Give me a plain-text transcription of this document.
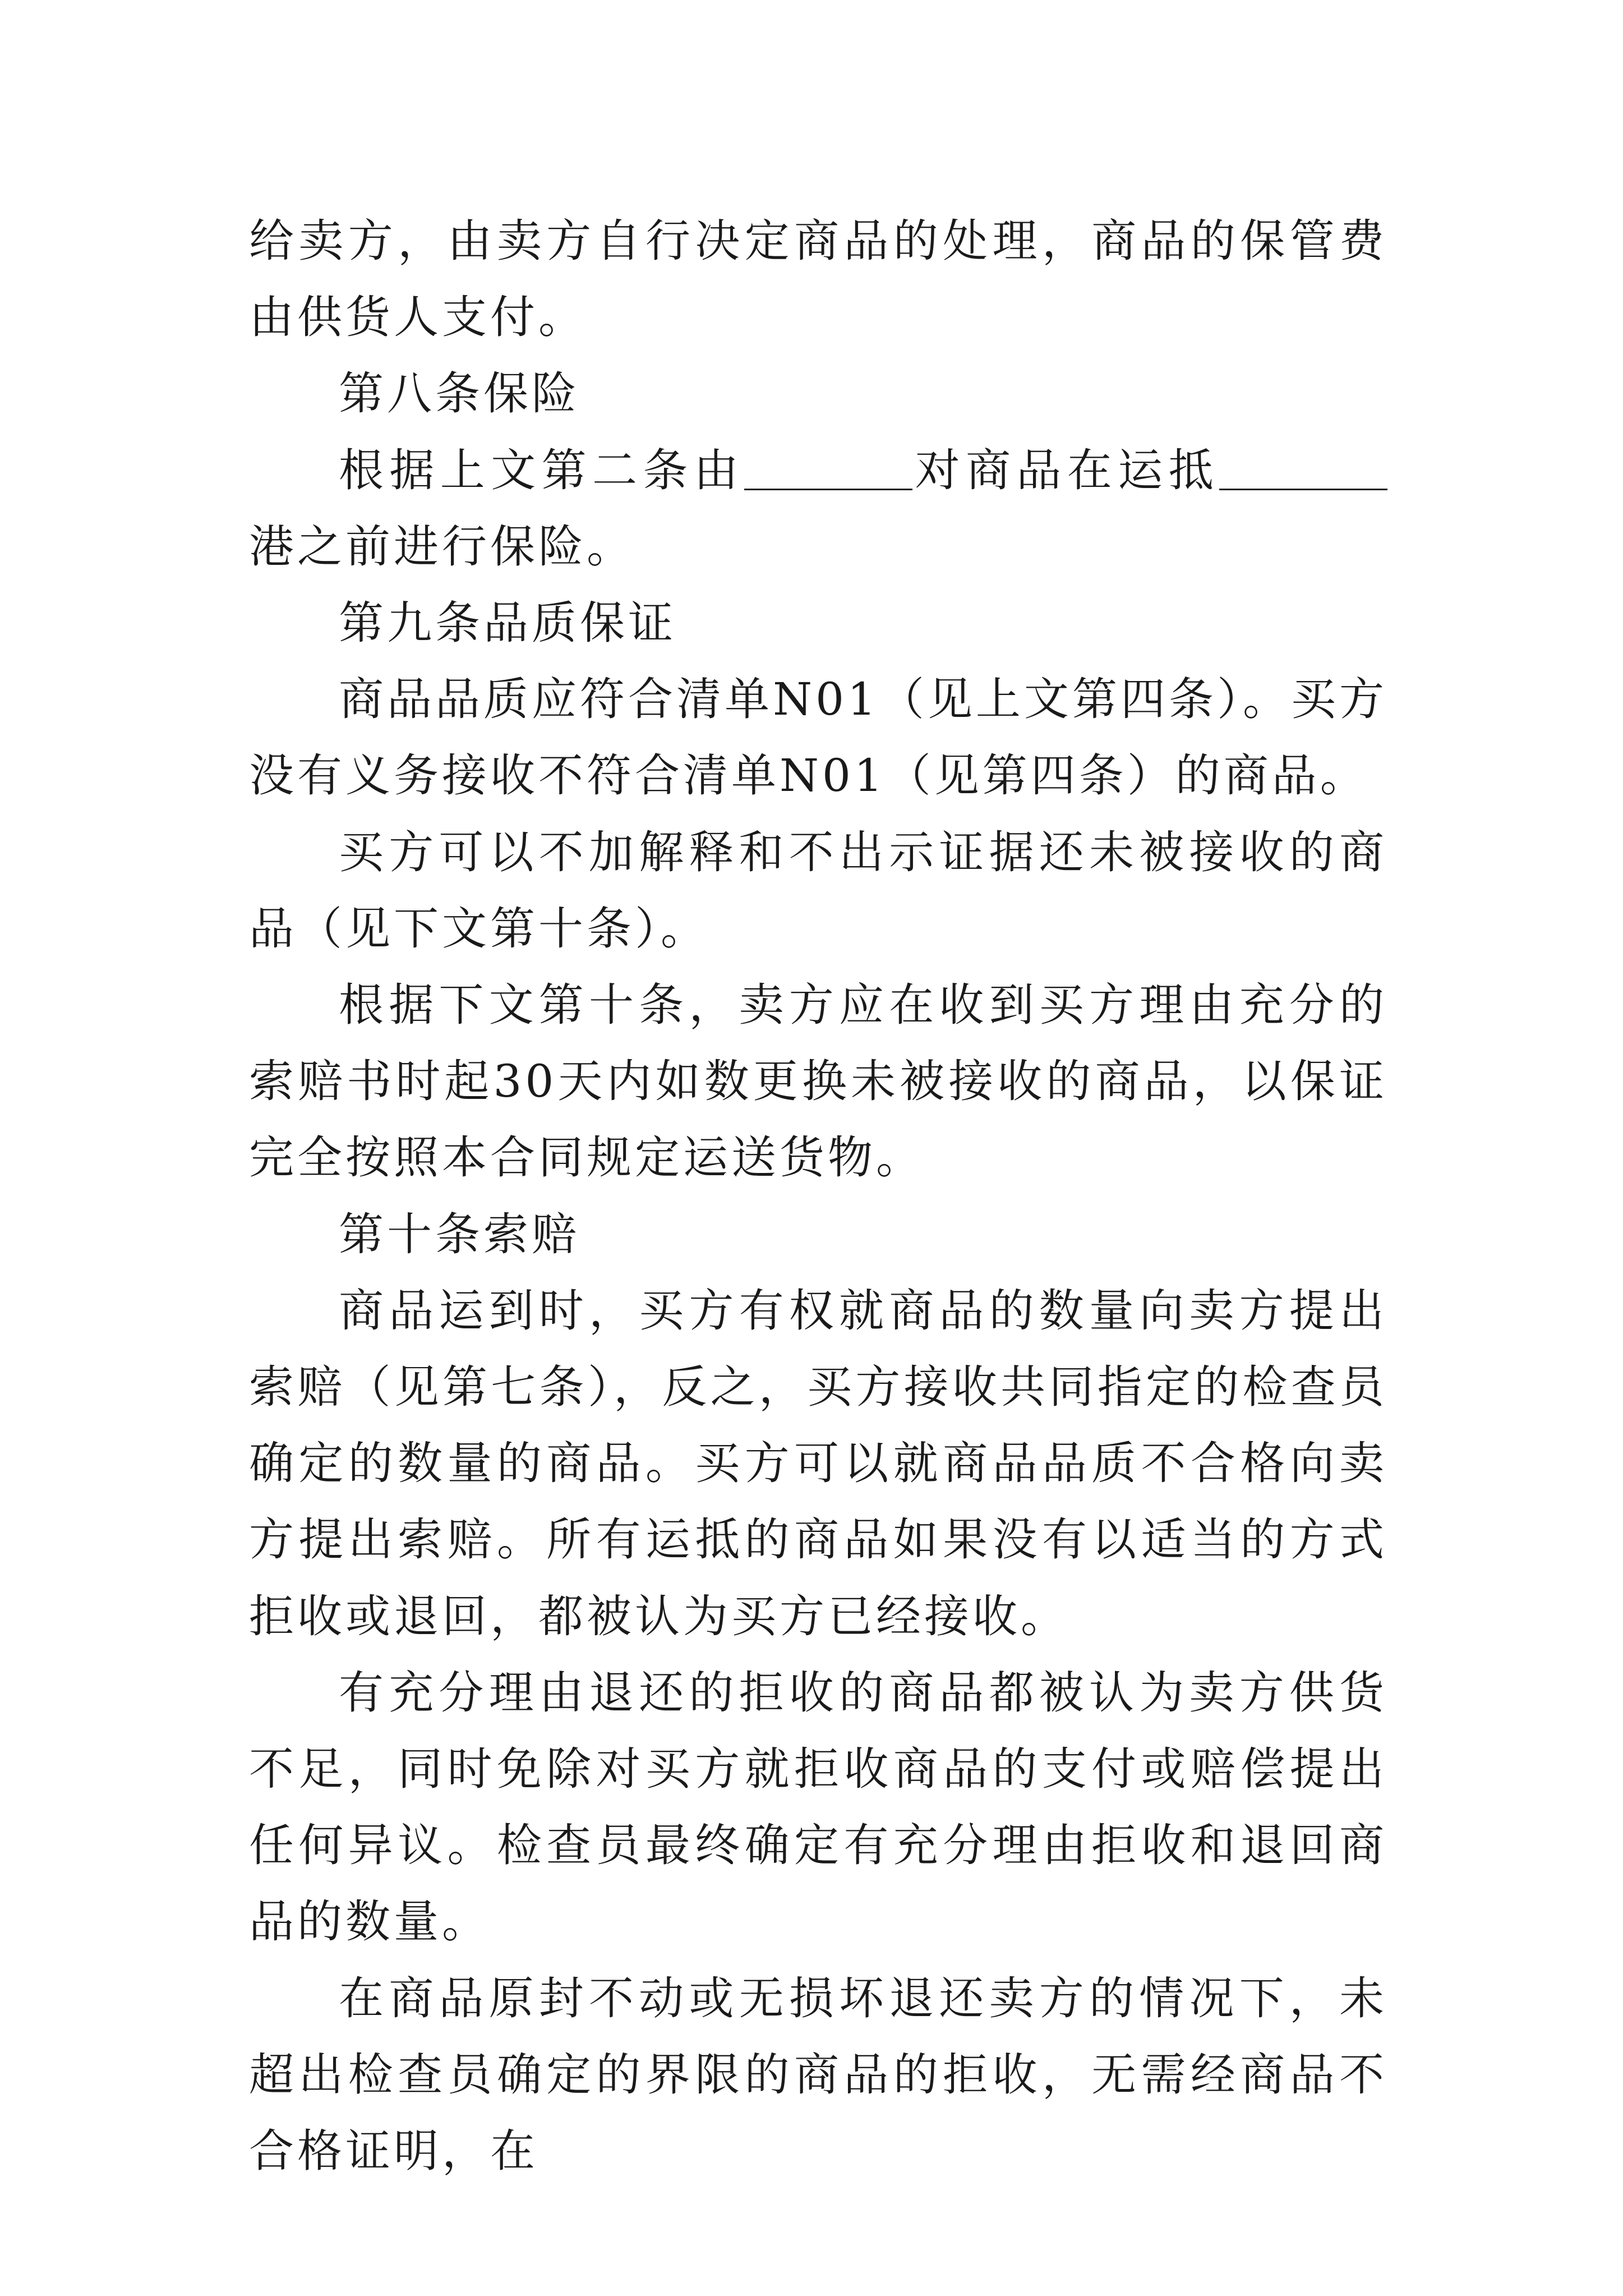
给卖方，由卖方自行决定商品的处理，商品的保管费由供货人支付。

第八条保险

根据上文第二条由	对商品在运抵港之前进行保险。

第九条品质保证

商品品质应符合清单N01（见上文第四条）。买方没有义务接收不符合清单N01（见第四条）的商品。

买方可以不加解释和不出示证据还未被接收的商品（见下文第十条）。

根据下文第十条，卖方应在收到买方理由充分的索赔书时起30天内如数更换未被接收的商品，以保证完全按照本合同规定运送货物。

第十条索赔

商品运到时，买方有权就商品的数量向卖方提出索赔（见第七条），反之，买方接收共同指定的检查员确定的数量的商品。买方可以就商品品质不合格向卖方提出索赔。所有运抵的商品如果没有以适当的方式拒收或退回，都被认为买方已经接收。

有充分理由退还的拒收的商品都被认为卖方供货不足，同时免除对买方就拒收商品的支付或赔偿提出任何异议。检查员最终确定有充分理由拒收和退回商品的数量。

在商品原封不动或无损坏退还卖方的情况下，未超出检查员确定的界限的商品的拒收，无需经商品不合格证明，在
